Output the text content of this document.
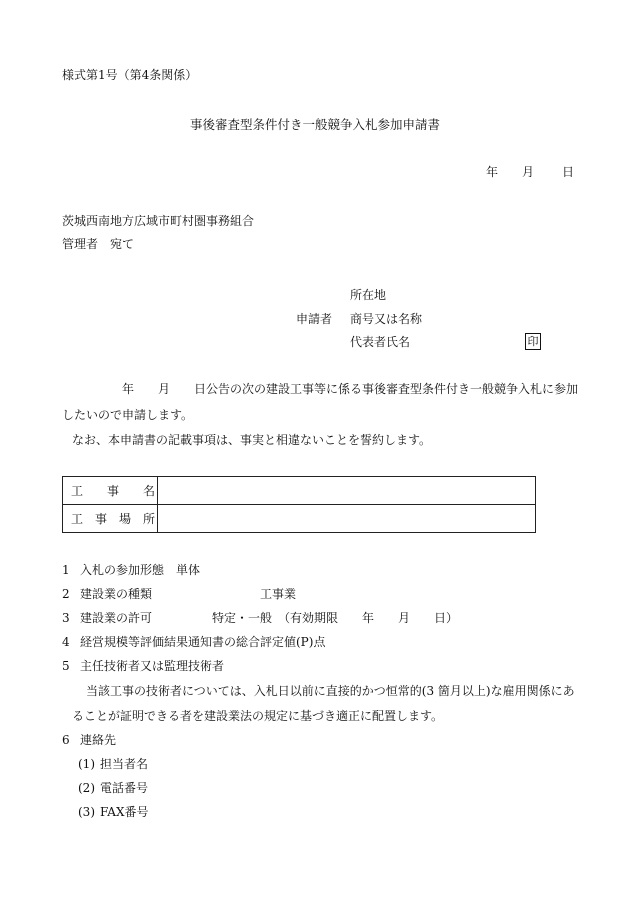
様式第1号（第4条関係）
事後審査型条件付き一般競争入札参加申請書
年 月 日
茨城西南地方広域市町村圏事務組合
管理者　宛て
所在地
申請者 商号又は名称
代表者氏名	印
　　　　　年　　月　　日公告の次の建設工事等に係る事後審査型条件付き一般競争入札に参加
したいので申請します。
なお、本申請書の記載事項は、事実と相違ないことを誓約します。
工　　事　　名	
工　事　場　所	
1 入札の参加形態　単体
2 建設業の種類　　　　　　　　　工事業
3 建設業の許可　　　　　特定・一般　（有効期限　　年　　月　　日）
4 経営規模等評価結果通知書の総合評定値(P)点
5 主任技術者又は監理技術者
当該工事の技術者については、入札日以前に直接的かつ恒常的(3 箇月以上)な雇用関係にあ
ることが証明できる者を建設業法の規定に基づき適正に配置します。
6 連絡先
(1) 担当者名
(2) 電話番号
(3) FAX番号
